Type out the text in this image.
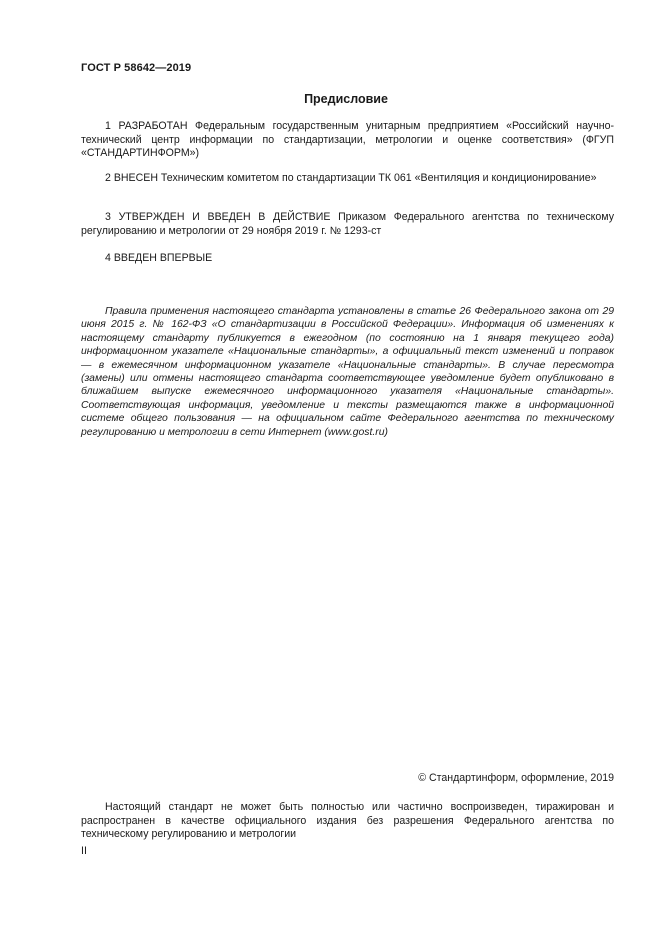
ГОСТ Р 58642—2019
Предисловие
1 РАЗРАБОТАН Федеральным государственным унитарным предприятием «Российский научно-технический центр информации по стандартизации, метрологии и оценке соответствия» (ФГУП «СТАНДАРТИНФОРМ»)
2 ВНЕСЕН Техническим комитетом по стандартизации ТК 061 «Вентиляция и кондиционирование»
3 УТВЕРЖДЕН И ВВЕДЕН В ДЕЙСТВИЕ Приказом Федерального агентства по техническому регулированию и метрологии от 29 ноября 2019 г. № 1293-ст
4 ВВЕДЕН ВПЕРВЫЕ
Правила применения настоящего стандарта установлены в статье 26 Федерального закона от 29 июня 2015 г. № 162-ФЗ «О стандартизации в Российской Федерации». Информация об изменениях к настоящему стандарту публикуется в ежегодном (по состоянию на 1 января текущего года) информационном указателе «Национальные стандарты», а официальный текст изменений и поправок — в ежемесячном информационном указателе «Национальные стандарты». В случае пересмотра (замены) или отмены настоящего стандарта соответствующее уведомление будет опубликовано в ближайшем выпуске ежемесячного информационного указателя «Национальные стандарты». Соответствующая информация, уведомление и тексты размещаются также в информационной системе общего пользования — на официальном сайте Федерального агентства по техническому регулированию и метрологии в сети Интернет (www.gost.ru)
© Стандартинформ, оформление, 2019
Настоящий стандарт не может быть полностью или частично воспроизведен, тиражирован и распространен в качестве официального издания без разрешения Федерального агентства по техническому регулированию и метрологии
II
